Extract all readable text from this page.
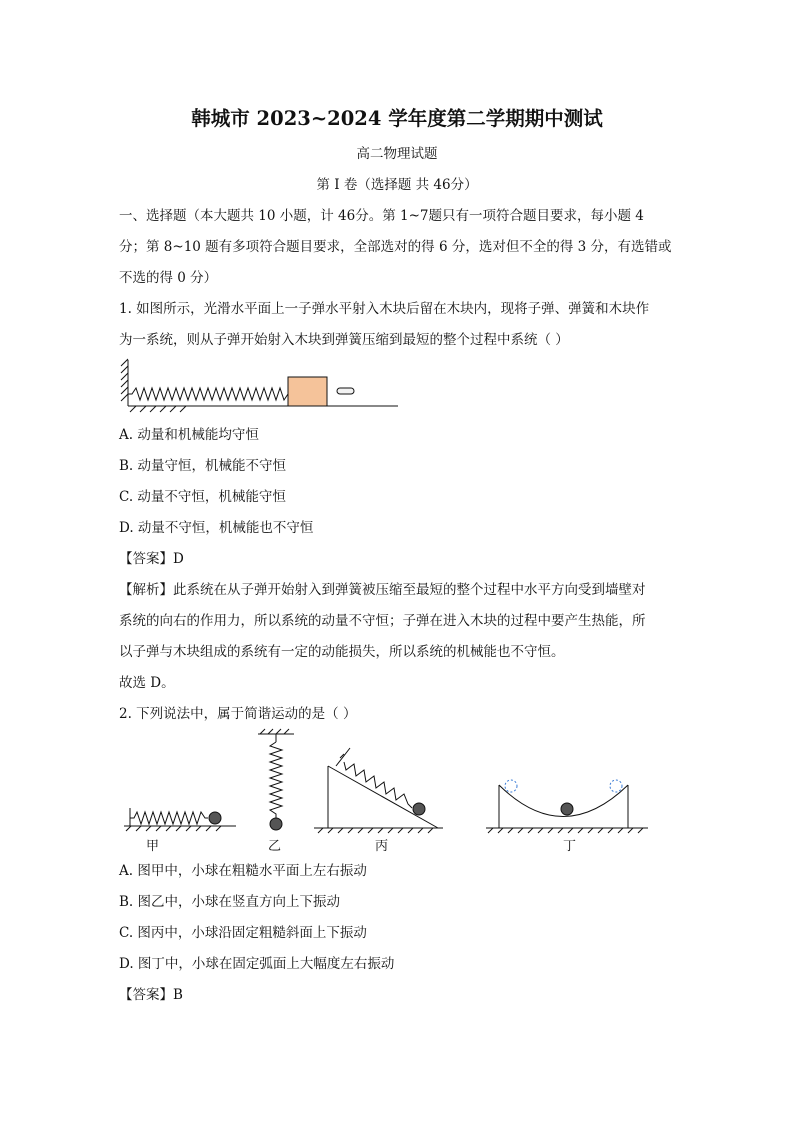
韩城市 2023~2024 学年度第二学期期中测试
高二物理试题
第 I 卷（选择题 共 46分）
一、选择题（本大题共 10 小题，计 46分。第 1~7题只有一项符合题目要求，每小题 4
分；第 8~10 题有多项符合题目要求，全部选对的得 6 分，选对但不全的得 3 分，有选错或
不选的得 0 分）
1. 如图所示，光滑水平面上一子弹水平射入木块后留在木块内，现将子弹、弹簧和木块作
为一系统，则从子弹开始射入木块到弹簧压缩到最短的整个过程中系统（ ）
A. 动量和机械能均守恒
B. 动量守恒，机械能不守恒
C. 动量不守恒，机械能守恒
D. 动量不守恒，机械能也不守恒
【答案】D
【解析】此系统在从子弹开始射入到弹簧被压缩至最短的整个过程中水平方向受到墙壁对
系统的向右的作用力，所以系统的动量不守恒；子弹在进入木块的过程中要产生热能，所
以子弹与木块组成的系统有一定的动能损失，所以系统的机械能也不守恒。
故选 D。
2. 下列说法中，属于简谐运动的是（ ）
甲	乙	丙	丁
A. 图甲中，小球在粗糙水平面上左右振动
B. 图乙中，小球在竖直方向上下振动
C. 图丙中，小球沿固定粗糙斜面上下振动
D. 图丁中，小球在固定弧面上大幅度左右振动
【答案】B
